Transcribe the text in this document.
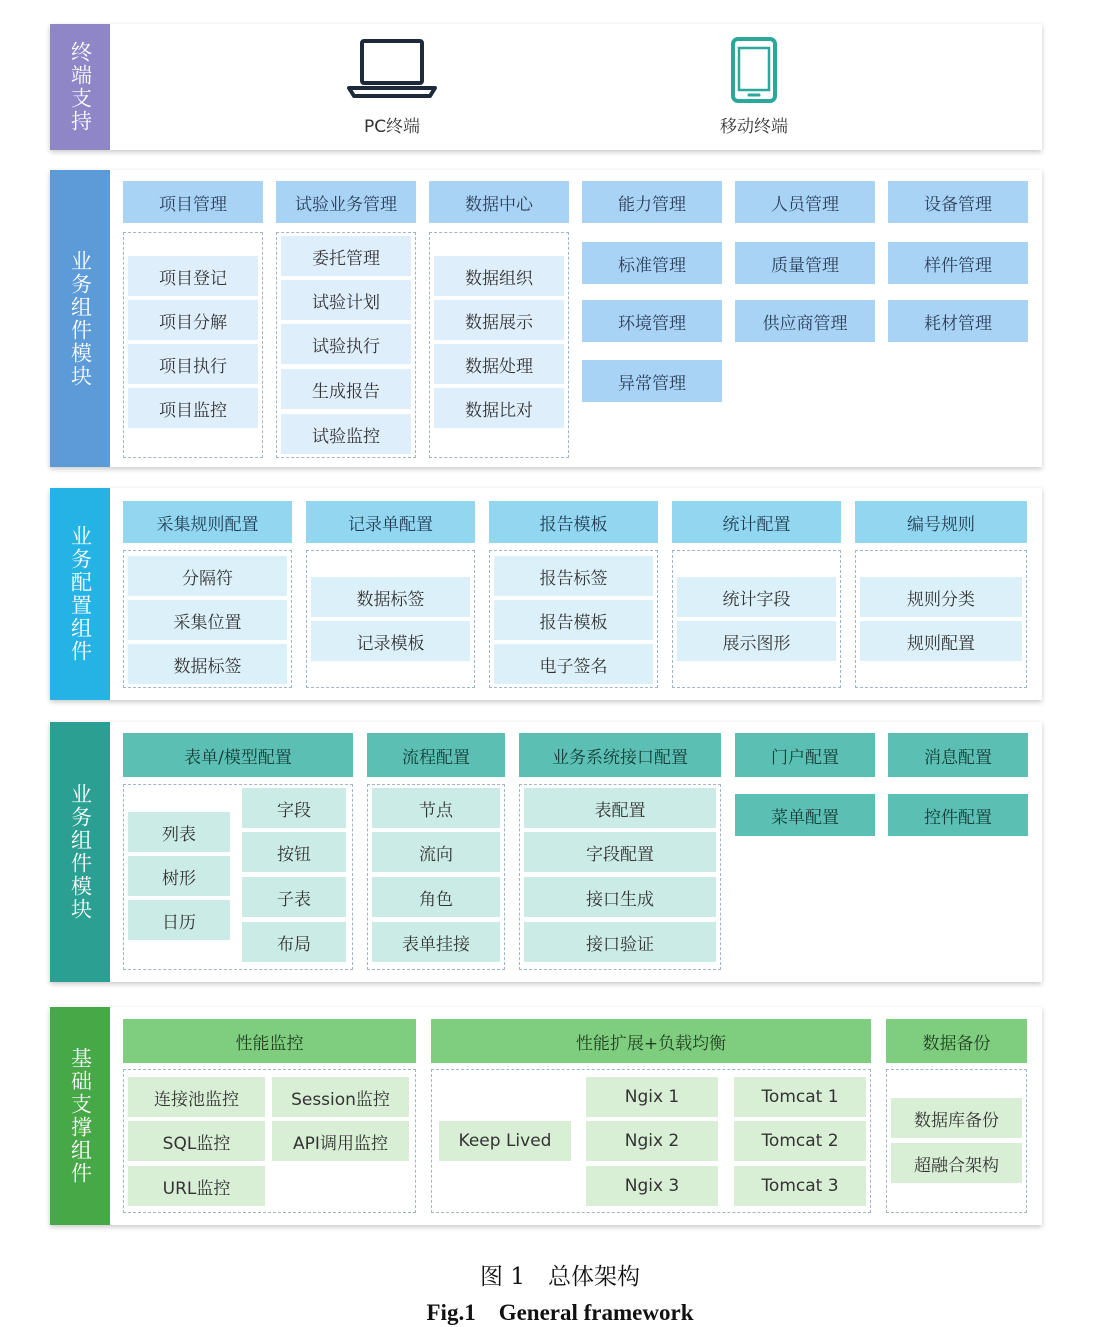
终端支持	PC终端	移动终端
业务组件模块
项目管理
项目登记
项目分解
项目执行
项目监控
试验业务管理
委托管理
试验计划
试验执行
生成报告
试验监控
数据中心
数据组织
数据展示
数据处理
数据比对
能力管理	人员管理	设备管理
标准管理	质量管理	样件管理
环境管理	供应商管理	耗材管理
异常管理
业务配置组件
采集规则配置
分隔符
采集位置
数据标签
记录单配置
数据标签
记录模板
报告模板
报告标签
报告模板
电子签名
统计配置
统计字段
展示图形
编号规则
规则分类
规则配置
业务组件模块
表单/模型配置
列表
树形
日历
字段
按钮
子表
布局
流程配置
节点
流向
角色
表单挂接
业务系统接口配置
表配置
字段配置
接口生成
接口验证
门户配置
菜单配置
消息配置
控件配置
基础支撑组件
性能监控
连接池监控	Session监控
SQL监控	API调用监控
URL监控
性能扩展+负载均衡
Keep Lived
Ngix 1
Ngix 2
Ngix 3
Tomcat 1
Tomcat 2
Tomcat 3
数据备份
数据库备份
超融合架构
图 1　总体架构
Fig.1　General framework
